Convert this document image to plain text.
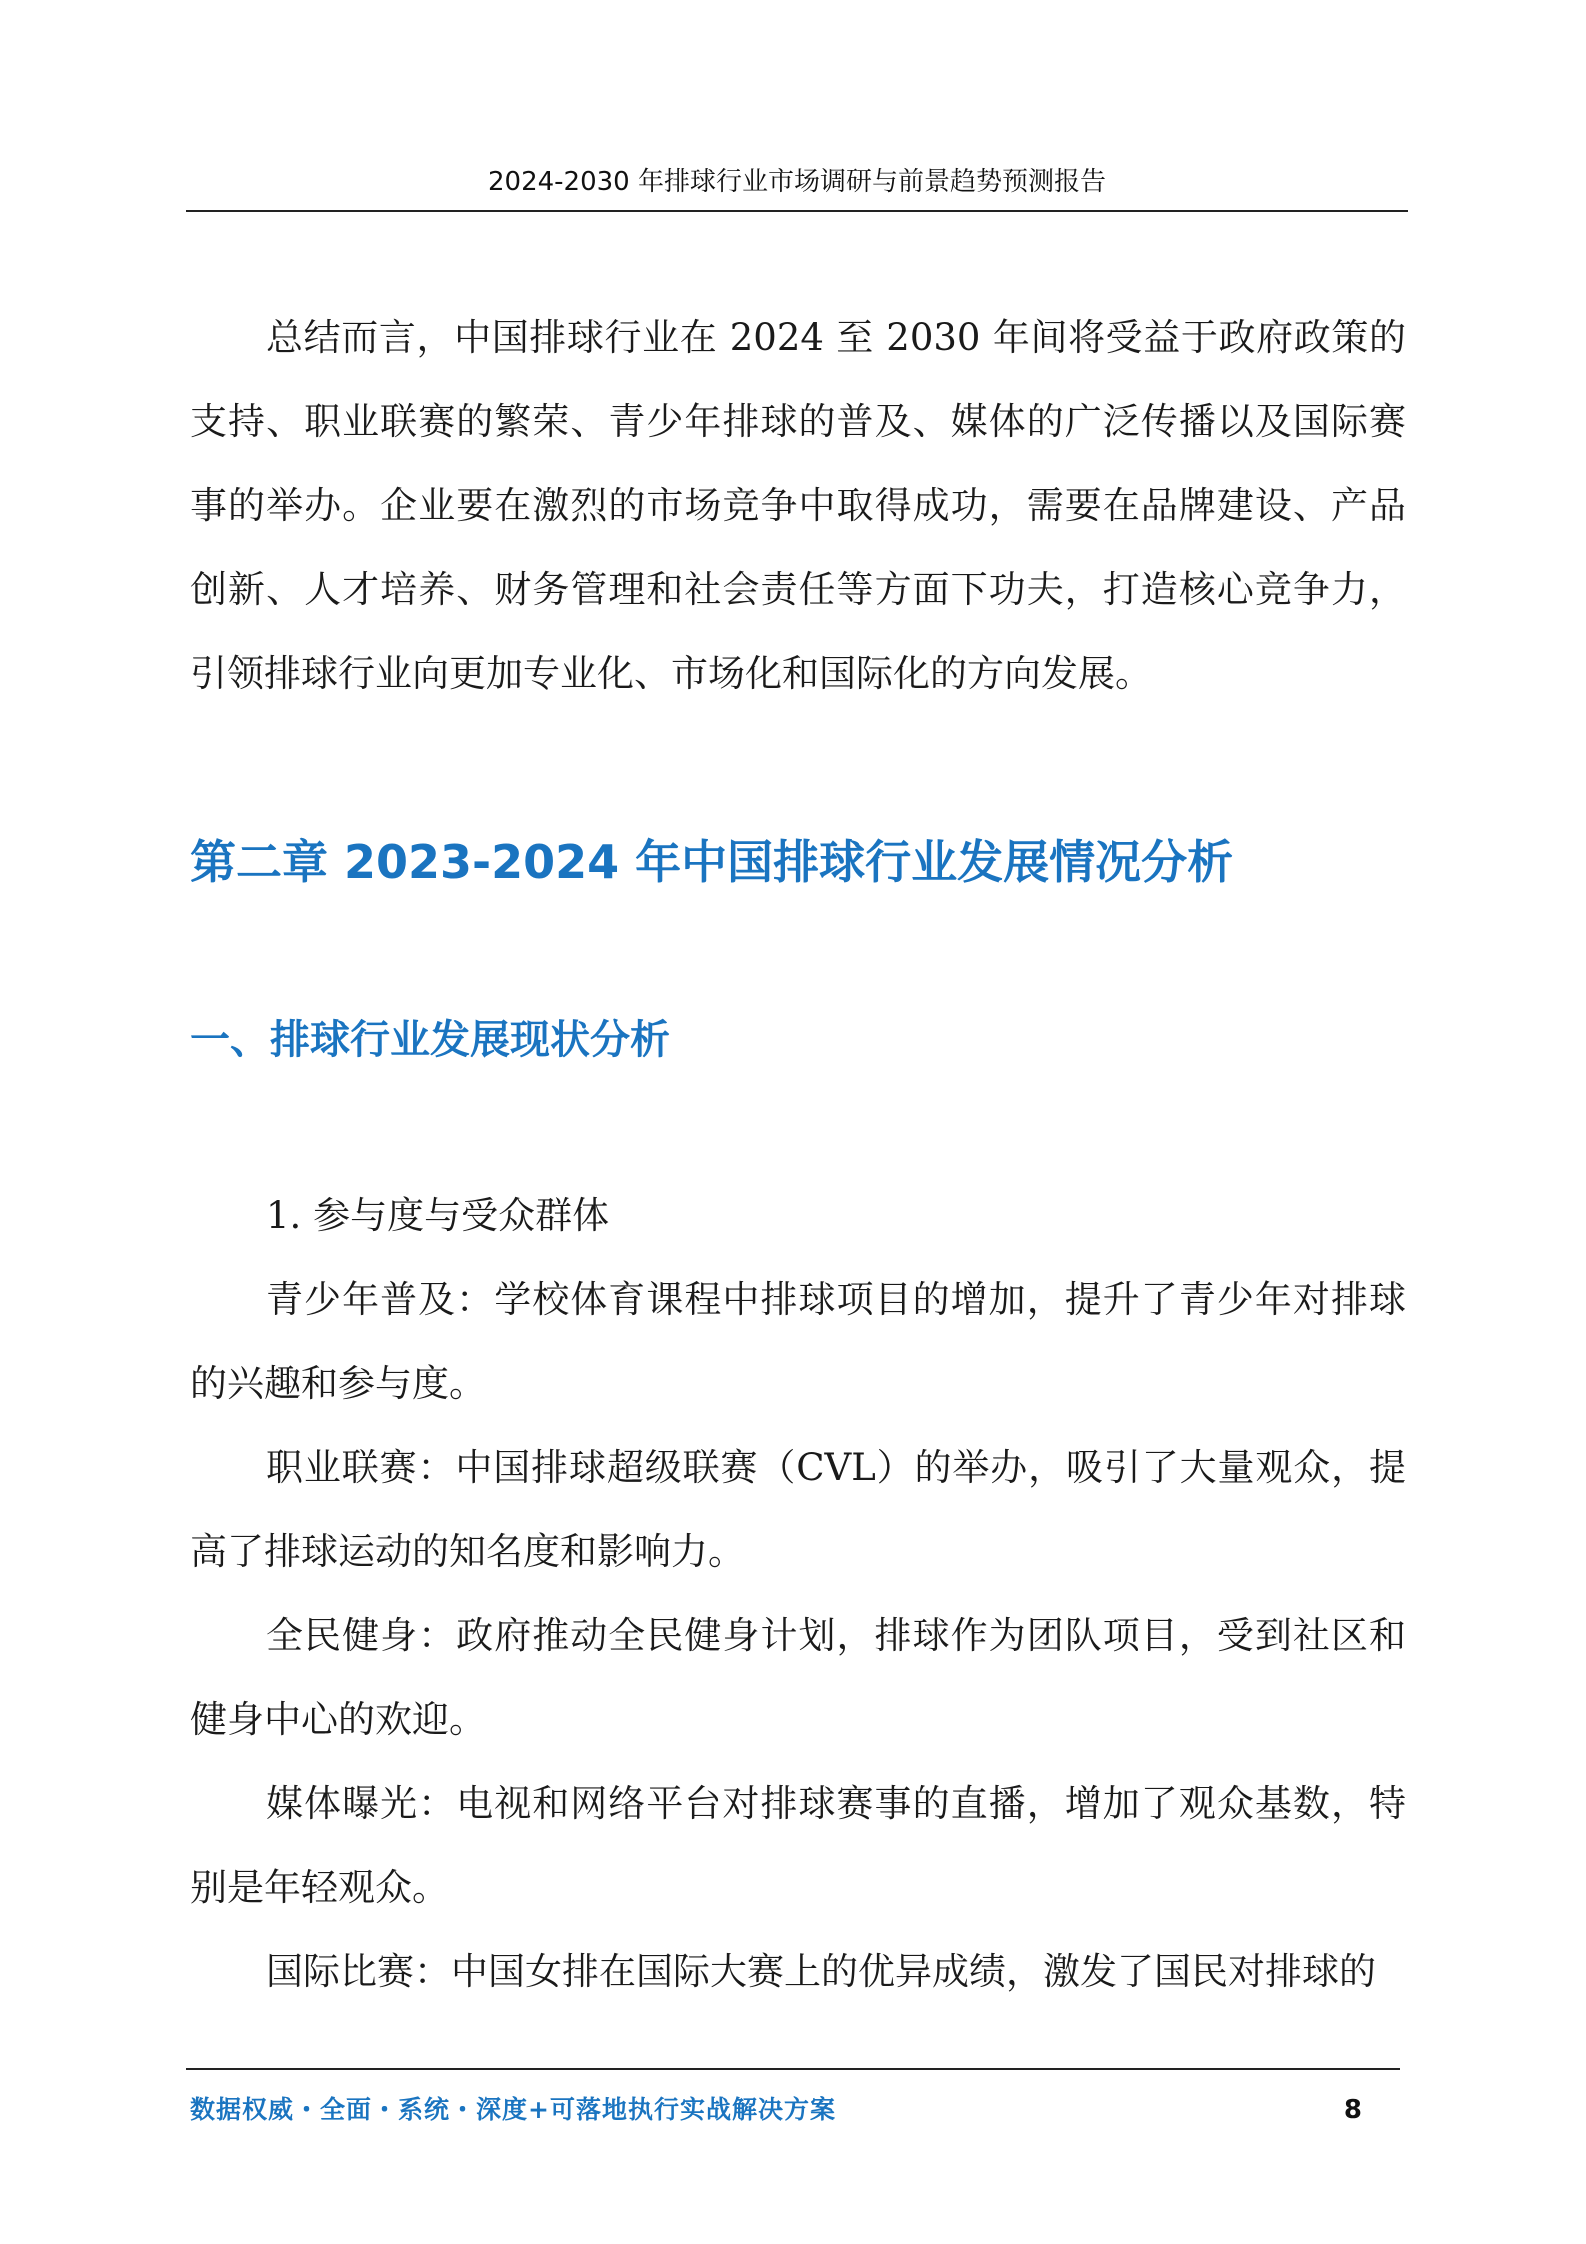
2024-2030 年排球行业市场调研与前景趋势预测报告

总结而言，中国排球行业在 2024 至 2030 年间将受益于政府政策的支持、职业联赛的繁荣、青少年排球的普及、媒体的广泛传播以及国际赛事的举办。企业要在激烈的市场竞争中取得成功，需要在品牌建设、产品创新、人才培养、财务管理和社会责任等方面下功夫，打造核心竞争力，引领排球行业向更加专业化、市场化和国际化的方向发展。

第二章 2023-2024 年中国排球行业发展情况分析
一、排球行业发展现状分析

1. 参与度与受众群体

青少年普及：学校体育课程中排球项目的增加，提升了青少年对排球的兴趣和参与度。

职业联赛：中国排球超级联赛（CVL）的举办，吸引了大量观众，提高了排球运动的知名度和影响力。

全民健身：政府推动全民健身计划，排球作为团队项目，受到社区和健身中心的欢迎。

媒体曝光：电视和网络平台对排球赛事的直播，增加了观众基数，特别是年轻观众。

国际比赛：中国女排在国际大赛上的优异成绩，激发了国民对排球的

数据权威・全面・系统・深度+可落地执行实战解决方案	8
